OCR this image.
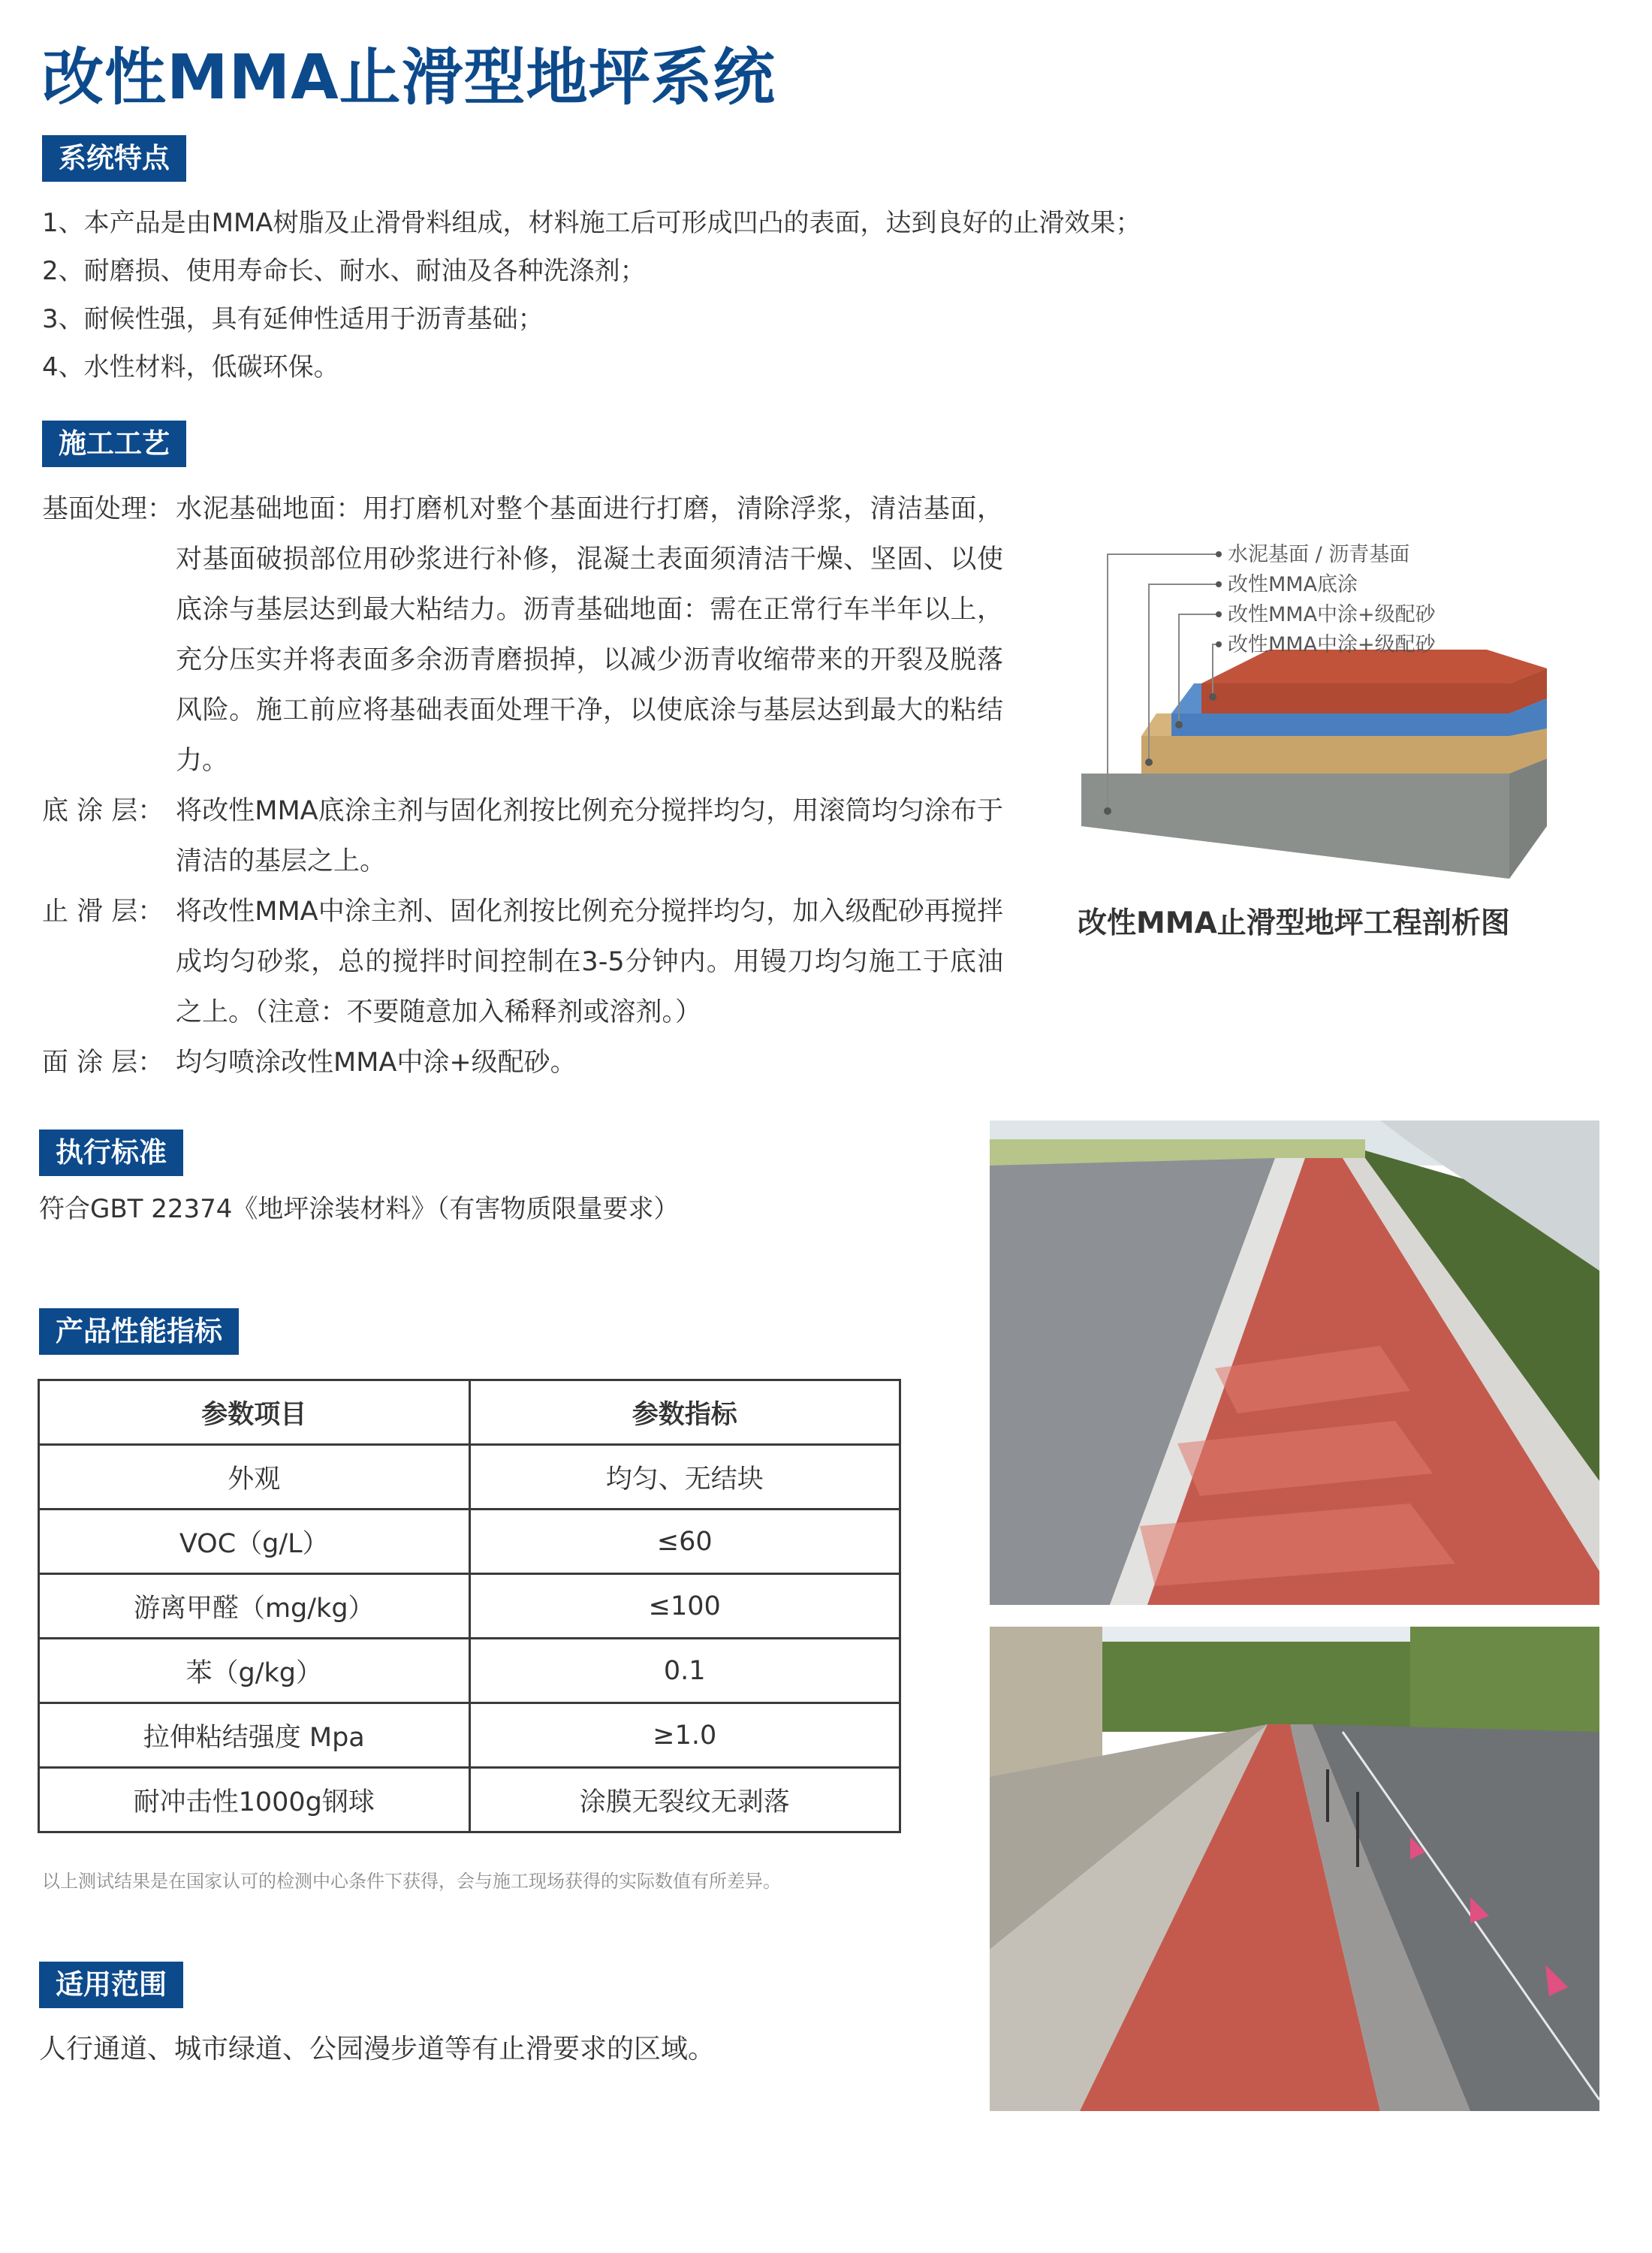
改性MMA止滑型地坪系统
系统特点
1、本产品是由MMA树脂及止滑骨料组成，材料施工后可形成凹凸的表面，达到良好的止滑效果；
2、耐磨损、使用寿命长、耐水、耐油及各种洗涤剂；
3、耐候性强，具有延伸性适用于沥青基础；
4、水性材料，低碳环保。
施工工艺
基面处理： 水泥基础地面：用打磨机对整个基面进行打磨，清除浮浆，清洁基面，对基面破损部位用砂浆进行补修，混凝土表面须清洁干燥、坚固、以使底涂与基层达到最大粘结力。沥青基础地面：需在正常行车半年以上，充分压实并将表面多余沥青磨损掉，以减少沥青收缩带来的开裂及脱落风险。施工前应将基础表面处理干净，以使底涂与基层达到最大的粘结力。
底 涂 层： 将改性MMA底涂主剂与固化剂按比例充分搅拌均匀，用滚筒均匀涂布于清洁的基层之上。
止 滑 层： 将改性MMA中涂主剂、固化剂按比例充分搅拌均匀，加入级配砂再搅拌成均匀砂浆，总的搅拌时间控制在3-5分钟内。用镘刀均匀施工于底油之上。（注意：不要随意加入稀释剂或溶剂。）
面 涂 层： 均匀喷涂改性MMA中涂+级配砂。
水泥基面 / 沥青基面
改性MMA底涂
改性MMA中涂+级配砂
改性MMA中涂+级配砂
改性MMA止滑型地坪工程剖析图
执行标准
符合GBT 22374《地坪涂装材料》（有害物质限量要求）
产品性能指标
参数项目	参数指标
外观	均匀、无结块
VOC（g/L）	≤60
游离甲醛（mg/kg）	≤100
苯（g/kg）	0.1
拉伸粘结强度 Mpa	≥1.0
耐冲击性1000g钢球	涂膜无裂纹无剥落
以上测试结果是在国家认可的检测中心条件下获得，会与施工现场获得的实际数值有所差异。
适用范围
人行通道、城市绿道、公园漫步道等有止滑要求的区域。
